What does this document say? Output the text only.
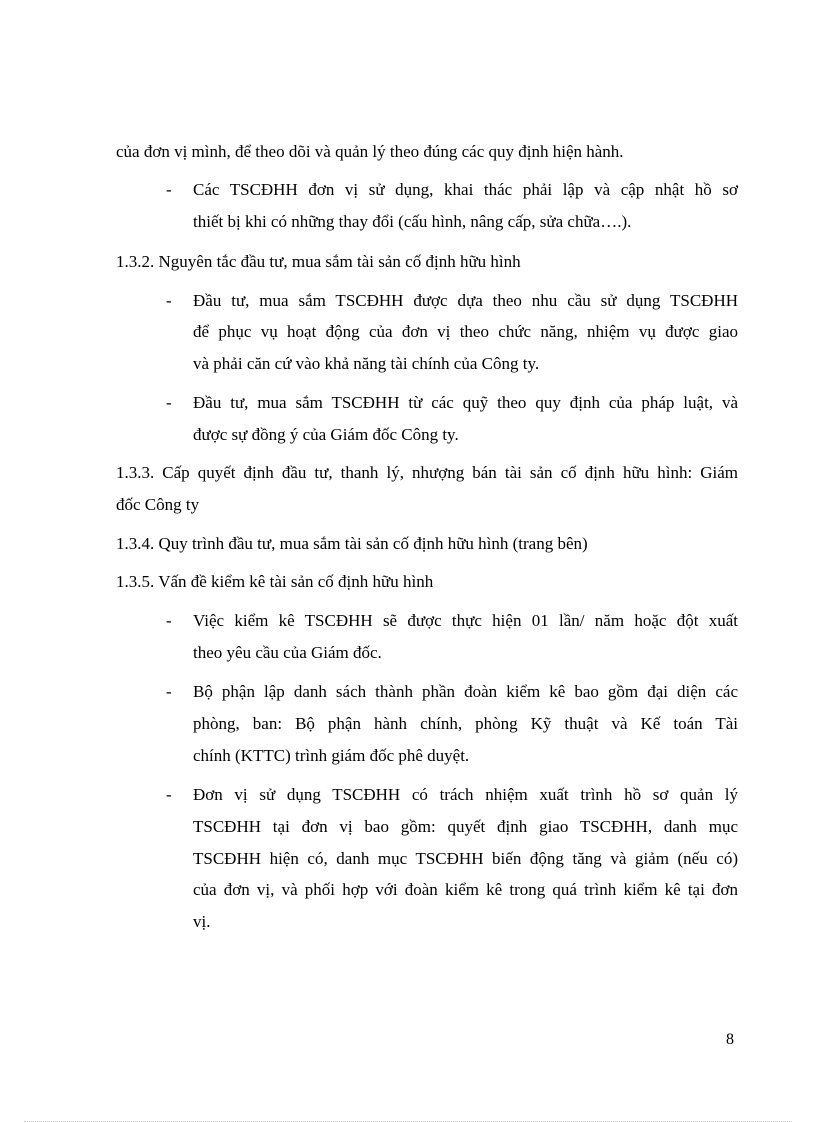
của đơn vị mình, để theo dõi và quản lý theo đúng các quy định hiện hành.
- Các TSCĐHH đơn vị sử dụng, khai thác phải lập và cập nhật hồ sơ
thiết bị khi có những thay đổi (cấu hình, nâng cấp, sửa chữa….).
1.3.2. Nguyên tắc đầu tư, mua sắm tài sản cố định hữu hình
- Đầu tư, mua sắm TSCĐHH được dựa theo nhu cầu sử dụng TSCĐHH
để phục vụ hoạt động của đơn vị theo chức năng, nhiệm vụ được giao
và phải căn cứ vào khả năng tài chính của Công ty.
- Đầu tư, mua sắm TSCĐHH từ các quỹ theo quy định của pháp luật, và
được sự đồng ý của Giám đốc Công ty.
1.3.3. Cấp quyết định đầu tư, thanh lý, nhượng bán tài sản cố định hữu hình: Giám
đốc Công ty
1.3.4. Quy trình đầu tư, mua sắm tài sản cố định hữu hình (trang bên)
1.3.5. Vấn đề kiểm kê tài sản cố định hữu hình
- Việc kiểm kê TSCĐHH sẽ được thực hiện 01 lần/ năm hoặc đột xuất
theo yêu cầu của Giám đốc.
- Bộ phận lập danh sách thành phần đoàn kiểm kê bao gồm đại diện các
phòng, ban: Bộ phận hành chính, phòng Kỹ thuật và Kế toán Tài
chính (KTTC) trình giám đốc phê duyệt.
- Đơn vị sử dụng TSCĐHH có trách nhiệm xuất trình hồ sơ quản lý
TSCĐHH tại đơn vị bao gồm: quyết định giao TSCĐHH, danh mục
TSCĐHH hiện có, danh mục TSCĐHH biến động tăng và giảm (nếu có)
của đơn vị, và phối hợp với đoàn kiểm kê trong quá trình kiểm kê tại đơn
vị.
8
